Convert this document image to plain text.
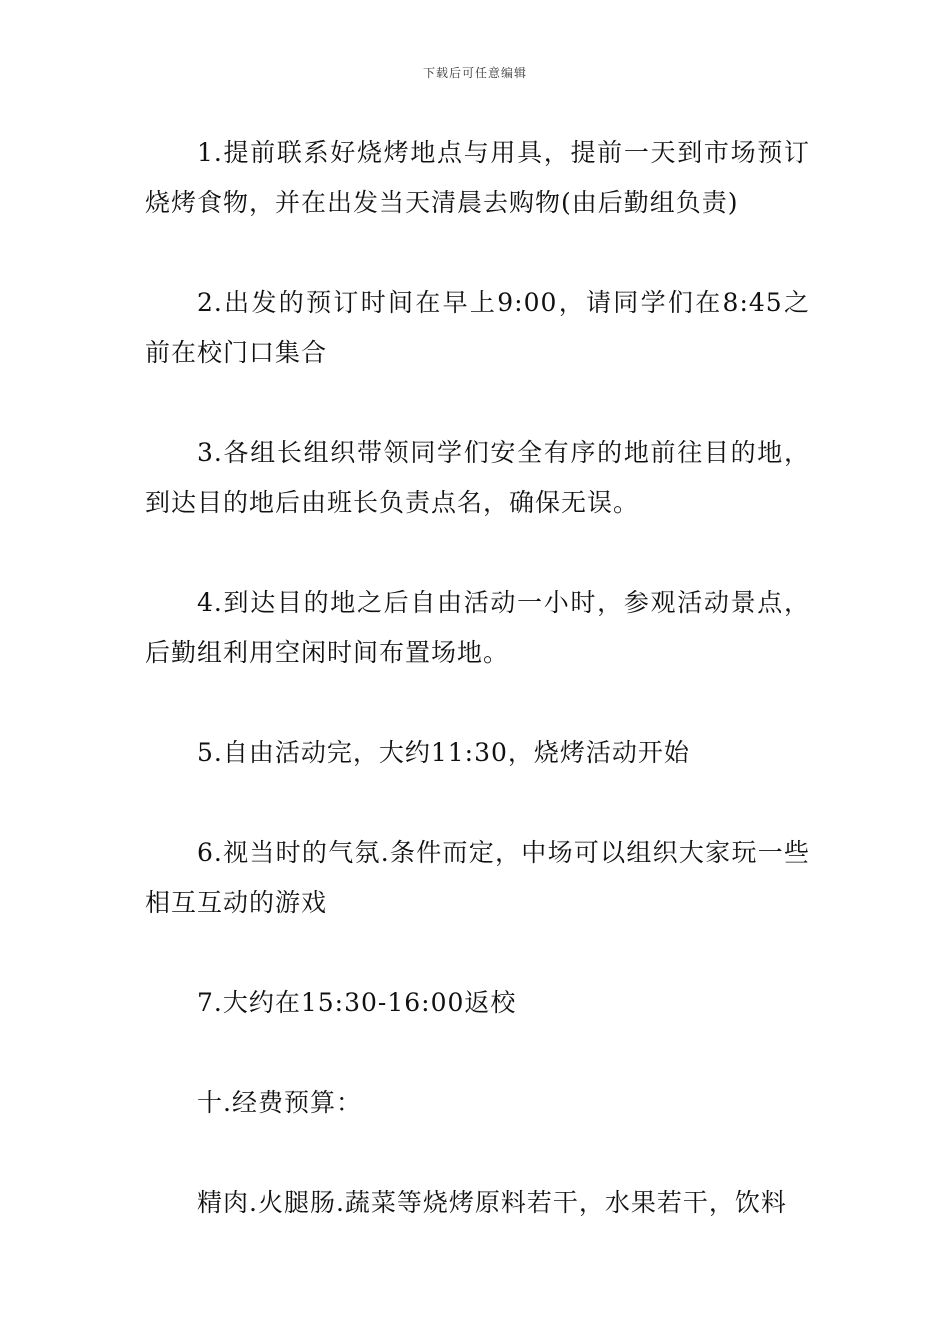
下载后可任意编辑

1.提前联系好烧烤地点与用具，提前一天到市场预订烧烤食物，并在出发当天清晨去购物(由后勤组负责)

2.出发的预订时间在早上9:00，请同学们在8:45之前在校门口集合

3.各组长组织带领同学们安全有序的地前往目的地，到达目的地后由班长负责点名，确保无误。

4.到达目的地之后自由活动一小时，参观活动景点，后勤组利用空闲时间布置场地。

5.自由活动完，大约11:30，烧烤活动开始

6.视当时的气氛.条件而定，中场可以组织大家玩一些相互互动的游戏

7.大约在15:30-16:00返校

十.经费预算：

精肉.火腿肠.蔬菜等烧烤原料若干，水果若干，饮料
